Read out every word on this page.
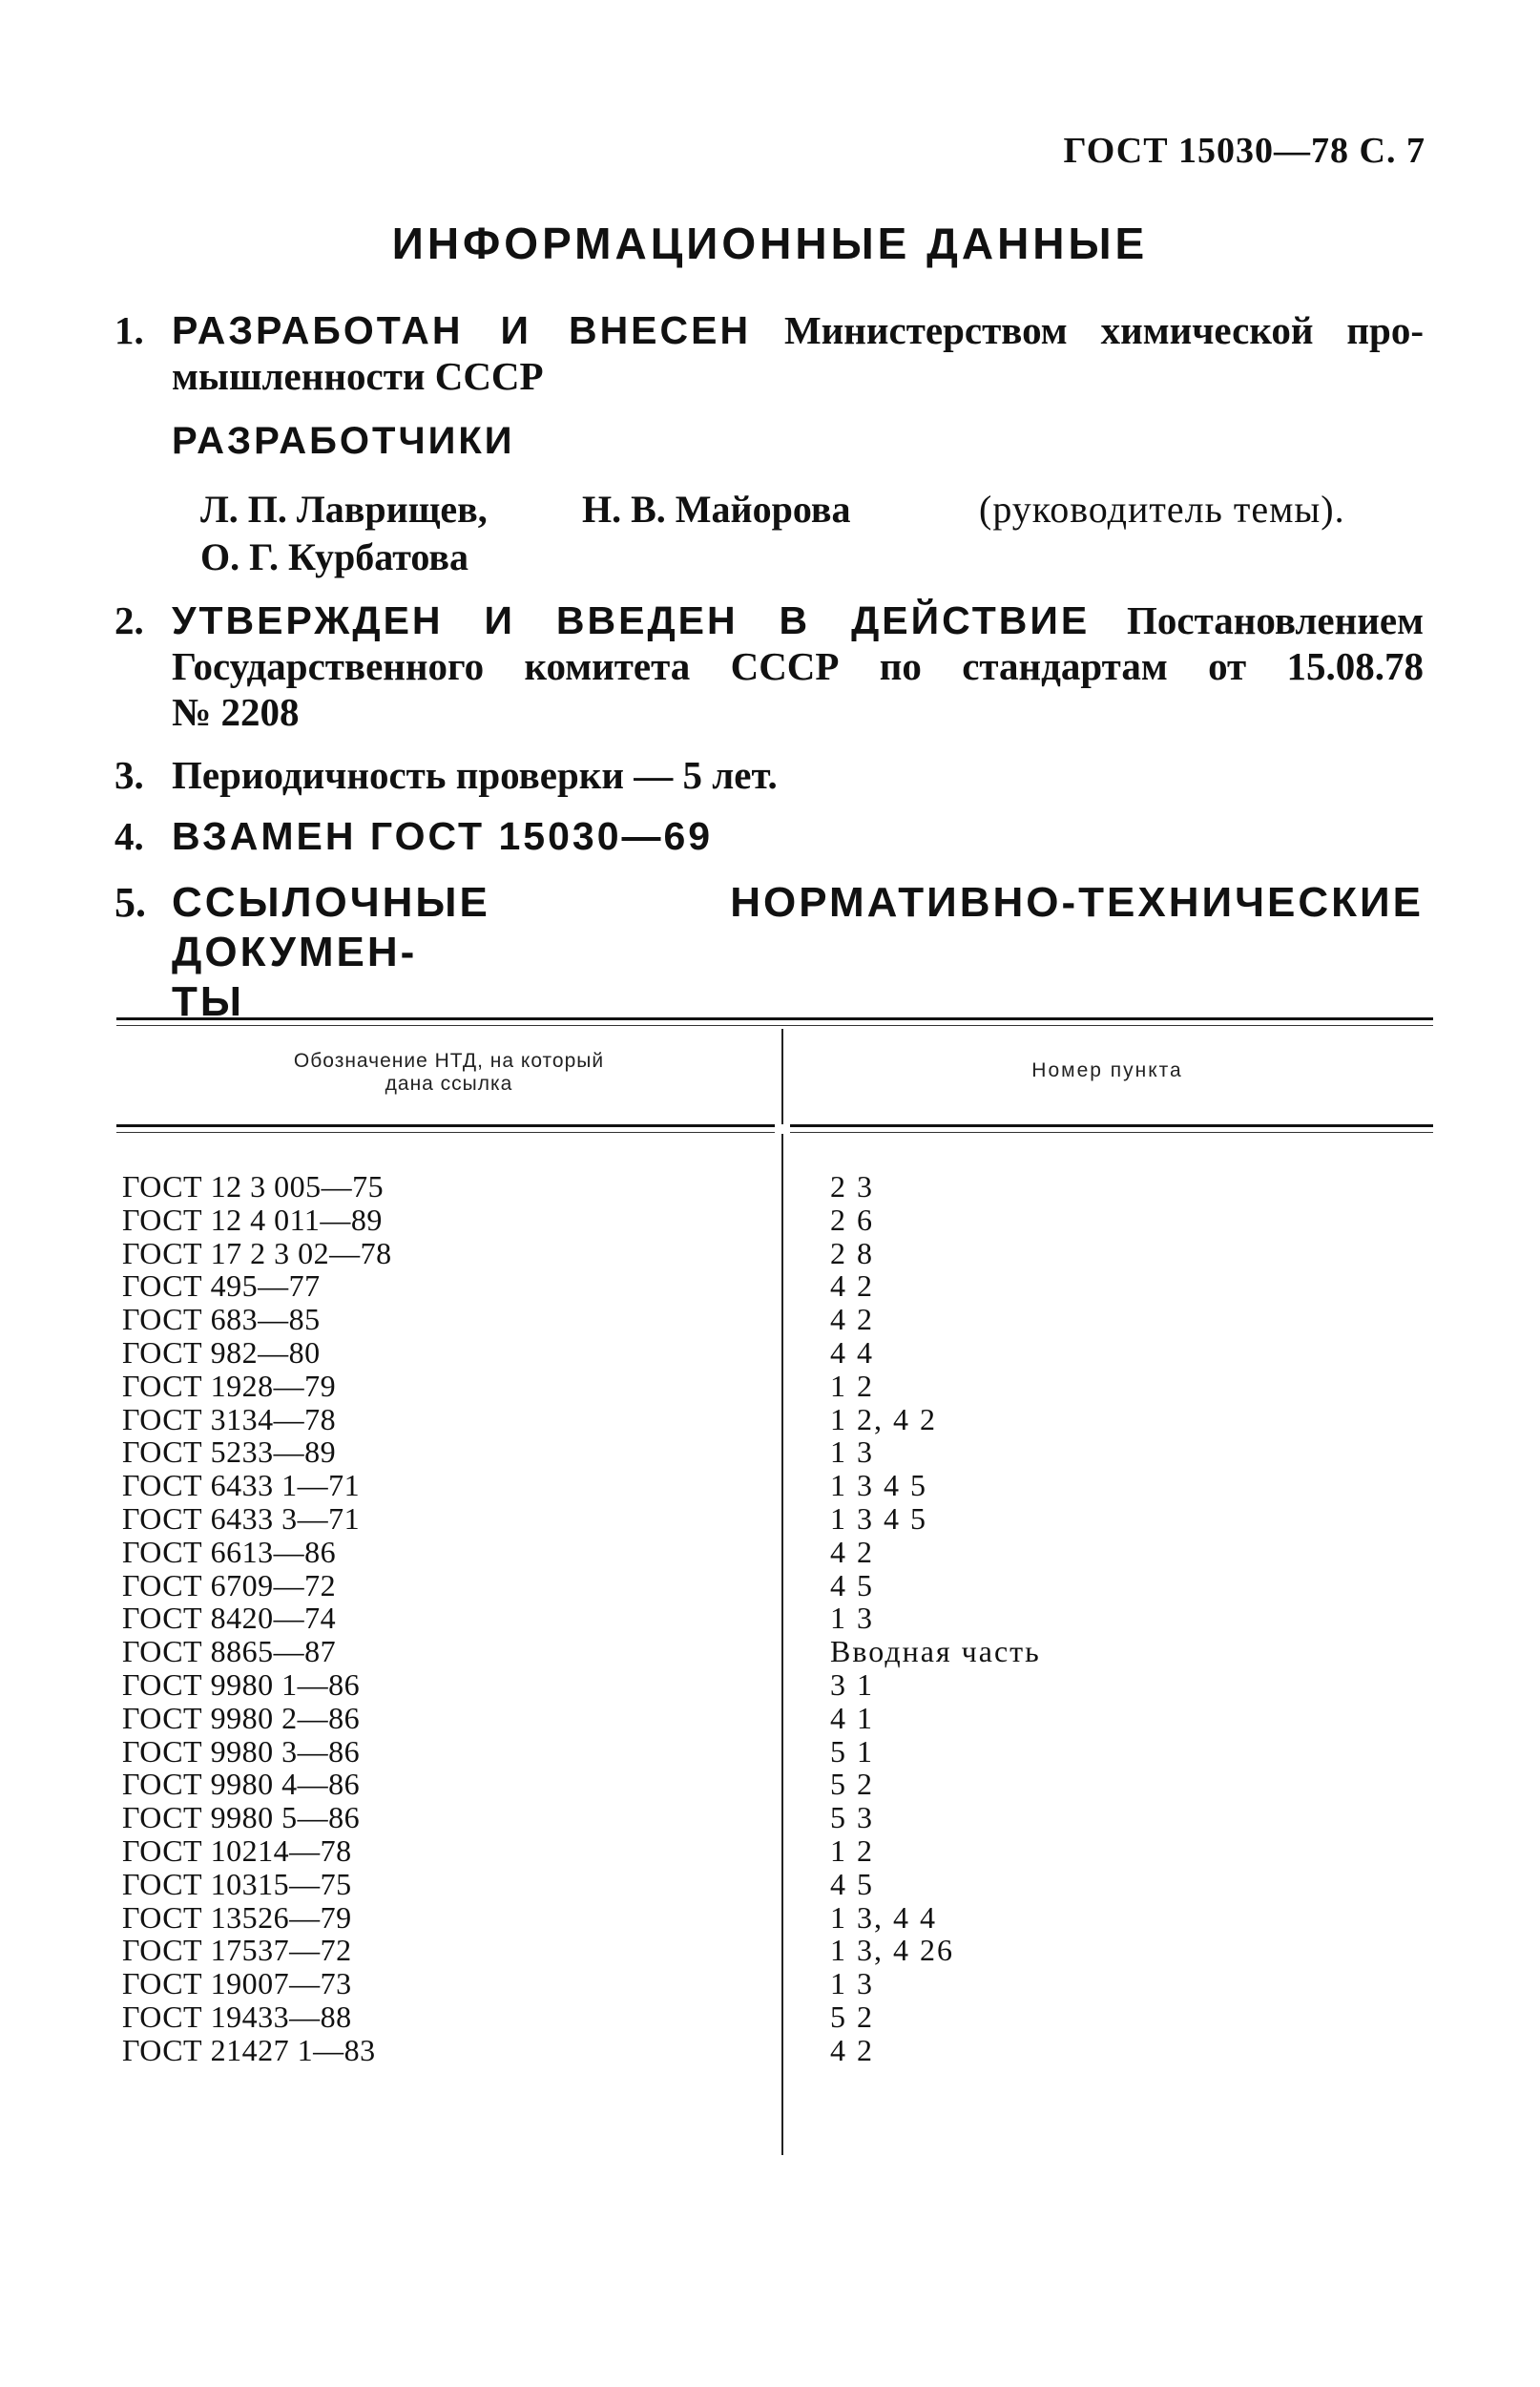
ГОСТ 15030—78 С. 7
ИНФОРМАЦИОННЫЕ ДАННЫЕ
1. РАЗРАБОТАН И ВНЕСЕН Министерством химической про-
мышленности СССР
РАЗРАБОТЧИКИ
Л. П. Лаврищев, Н. В. Майорова	(руководитель темы).
О. Г. Курбатова
2. УТВЕРЖДЕН И ВВЕДЕН В ДЕЙСТВИЕ Постановлением
Государственного комитета СССР по стандартам от 15.08.78
№ 2208
3. Периодичность проверки — 5 лет.
4. ВЗАМЕН ГОСТ 15030—69
5. ССЫЛОЧНЫЕ НОРМАТИВНО-ТЕХНИЧЕСКИЕ ДОКУМЕН-
ТЫ
Обозначение НТД, на который
дана ссылка
Номер пункта
ГОСТ 12 3 005—75	2 3
ГОСТ 12 4 011—89	2 6
ГОСТ 17 2 3 02—78	2 8
ГОСТ 495—77	4 2
ГОСТ 683—85	4 2
ГОСТ 982—80	4 4
ГОСТ 1928—79	1 2
ГОСТ 3134—78	1 2, 4 2
ГОСТ 5233—89	1 3
ГОСТ 6433 1—71	1 3 4 5
ГОСТ 6433 3—71	1 3 4 5
ГОСТ 6613—86	4 2
ГОСТ 6709—72	4 5
ГОСТ 8420—74	1 3
ГОСТ 8865—87	Вводная часть
ГОСТ 9980 1—86	3 1
ГОСТ 9980 2—86	4 1
ГОСТ 9980 3—86	5 1
ГОСТ 9980 4—86	5 2
ГОСТ 9980 5—86	5 3
ГОСТ 10214—78	1 2
ГОСТ 10315—75	4 5
ГОСТ 13526—79	1 3, 4 4
ГОСТ 17537—72	1 3, 4 26
ГОСТ 19007—73	1 3
ГОСТ 19433—88	5 2
ГОСТ 21427 1—83	4 2
